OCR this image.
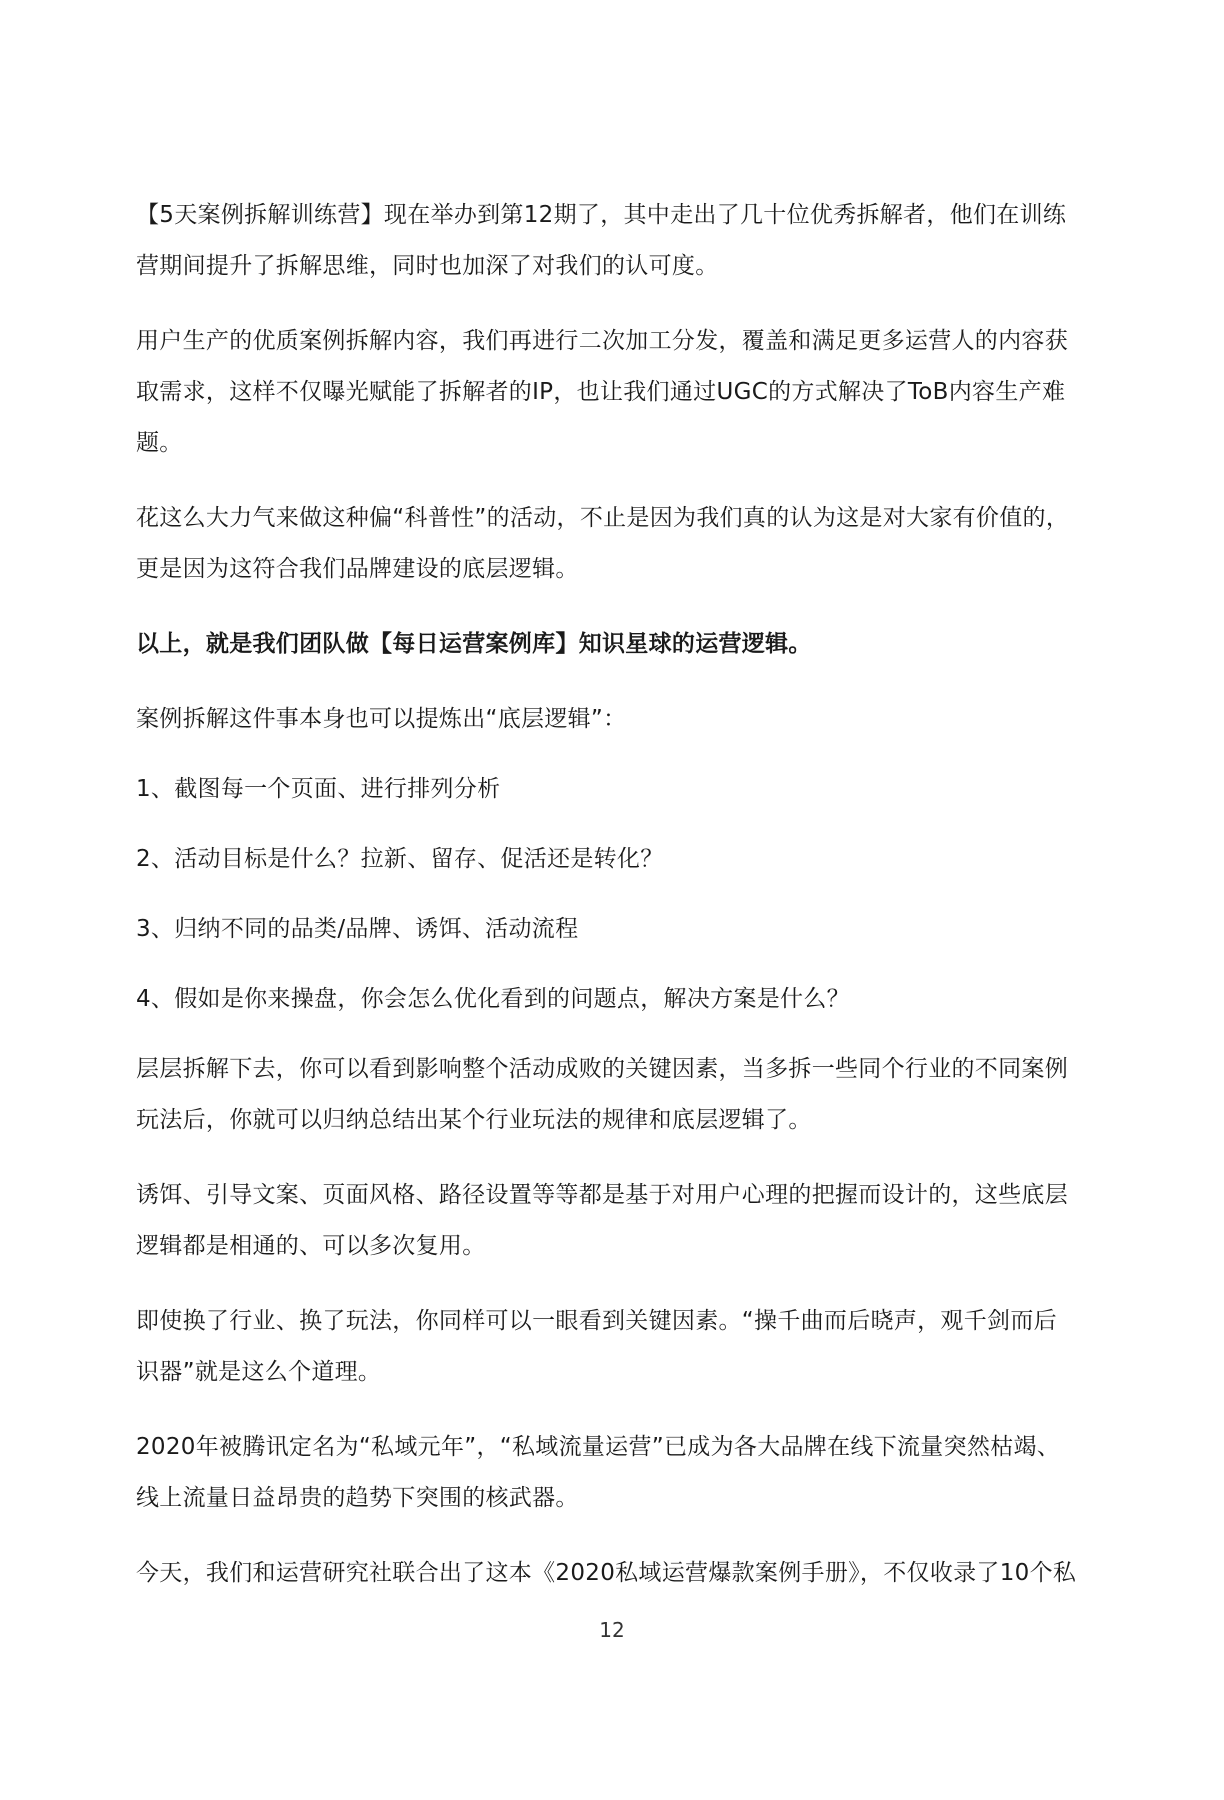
【5天案例拆解训练营】现在举办到第12期了，其中走出了几十位优秀拆解者，他们在训练营期间提升了拆解思维，同时也加深了对我们的认可度。

用户生产的优质案例拆解内容，我们再进行二次加工分发，覆盖和满足更多运营人的内容获取需求，这样不仅曝光赋能了拆解者的IP，也让我们通过UGC的方式解决了ToB内容生产难题。

花这么大力气来做这种偏“科普性”的活动，不止是因为我们真的认为这是对大家有价值的，更是因为这符合我们品牌建设的底层逻辑。

以上，就是我们团队做【每日运营案例库】知识星球的运营逻辑。

案例拆解这件事本身也可以提炼出“底层逻辑”：

1、截图每一个页面、进行排列分析

2、活动目标是什么？拉新、留存、促活还是转化？

3、归纳不同的品类/品牌、诱饵、活动流程

4、假如是你来操盘，你会怎么优化看到的问题点，解决方案是什么？

层层拆解下去，你可以看到影响整个活动成败的关键因素，当多拆一些同个行业的不同案例玩法后，你就可以归纳总结出某个行业玩法的规律和底层逻辑了。

诱饵、引导文案、页面风格、路径设置等等都是基于对用户心理的把握而设计的，这些底层逻辑都是相通的、可以多次复用。

即使换了行业、换了玩法，你同样可以一眼看到关键因素。“操千曲而后晓声，观千剑而后识器”就是这么个道理。

2020年被腾讯定名为“私域元年”，“私域流量运营”已成为各大品牌在线下流量突然枯竭、线上流量日益昂贵的趋势下突围的核武器。

今天，我们和运营研究社联合出了这本《2020私域运营爆款案例手册》，不仅收录了10个私

12
